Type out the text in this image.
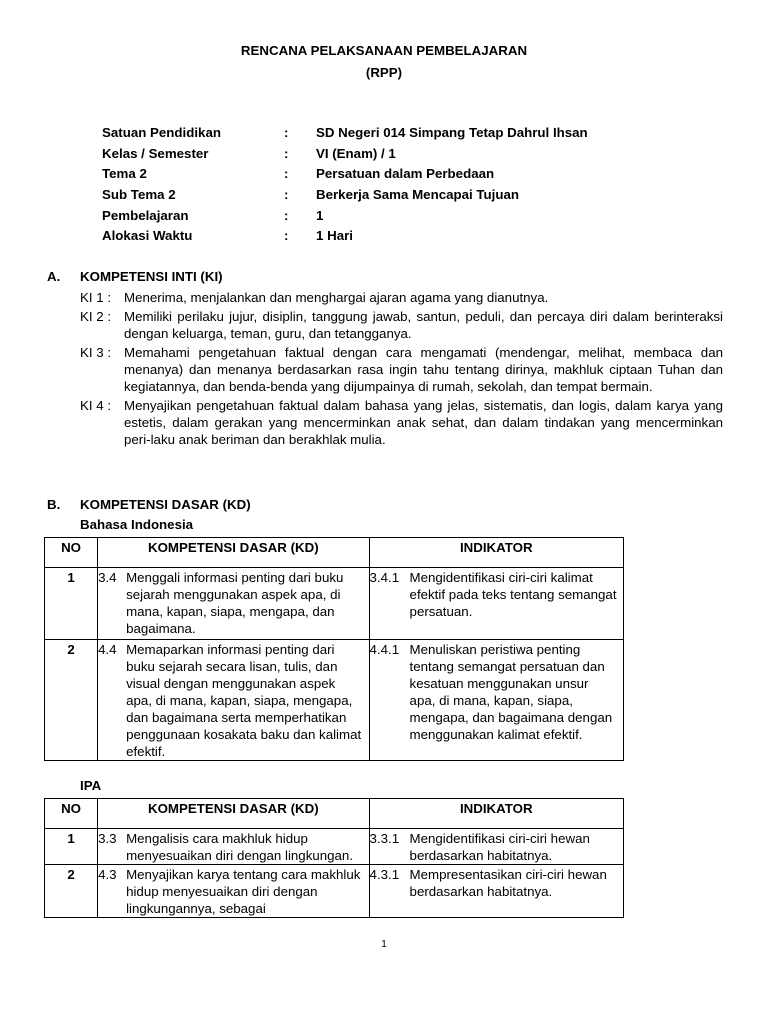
RENCANA PELAKSANAAN PEMBELAJARAN
(RPP)
Satuan Pendidikan	: SD Negeri 014 Simpang Tetap Dahrul Ihsan
Kelas / Semester	: VI (Enam) / 1
Tema 2	: Persatuan dalam Perbedaan
Sub Tema 2	: Berkerja Sama Mencapai Tujuan
Pembelajaran	: 1
Alokasi Waktu	: 1 Hari
A. KOMPETENSI INTI (KI)
KI 1 : Menerima, menjalankan dan menghargai ajaran agama yang dianutnya.
KI 2 : Memiliki perilaku jujur, disiplin, tanggung jawab, santun, peduli, dan percaya diri dalam berinteraksi dengan keluarga, teman, guru, dan tetangganya.
KI 3 : Memahami pengetahuan faktual dengan cara mengamati (mendengar, melihat, membaca dan menanya) dan menanya berdasarkan rasa ingin tahu tentang dirinya, makhluk ciptaan Tuhan dan kegiatannya, dan benda-benda yang dijumpainya di rumah, sekolah, dan tempat bermain.
KI 4 : Menyajikan pengetahuan faktual dalam bahasa yang jelas, sistematis, dan logis, dalam karya yang estetis, dalam gerakan yang mencerminkan anak sehat, dan dalam tindakan yang mencerminkan peri-laku anak beriman dan berakhlak mulia.
B. KOMPETENSI DASAR (KD)
Bahasa Indonesia
NO	KOMPETENSI DASAR (KD)	INDIKATOR
1	3.4 Menggali informasi penting dari buku sejarah menggunakan aspek apa, di mana, kapan, siapa, mengapa, dan bagaimana.	3.4.1 Mengidentifikasi ciri-ciri kalimat efektif pada teks tentang semangat persatuan.

2	4.4 Memaparkan informasi penting dari buku sejarah secara lisan, tulis, dan visual dengan menggunakan aspek apa, di mana, kapan, siapa, mengapa, dan bagaimana serta memperhatikan penggunaan kosakata baku dan kalimat efektif.	4.4.1 Menuliskan peristiwa penting tentang semangat persatuan dan kesatuan menggunakan unsur apa, di mana, kapan, siapa, mengapa, dan bagaimana dengan menggunakan kalimat efektif.
IPA
NO	KOMPETENSI DASAR (KD)	INDIKATOR
1	3.3 Mengalisis cara makhluk hidup menyesuaikan diri dengan lingkungan.	3.3.1 Mengidentifikasi ciri-ciri hewan berdasarkan habitatnya.

2	4.3 Menyajikan karya tentang cara makhluk hidup menyesuaikan diri dengan lingkungannya, sebagai	4.3.1 Mempresentasikan ciri-ciri hewan berdasarkan habitatnya.
1
